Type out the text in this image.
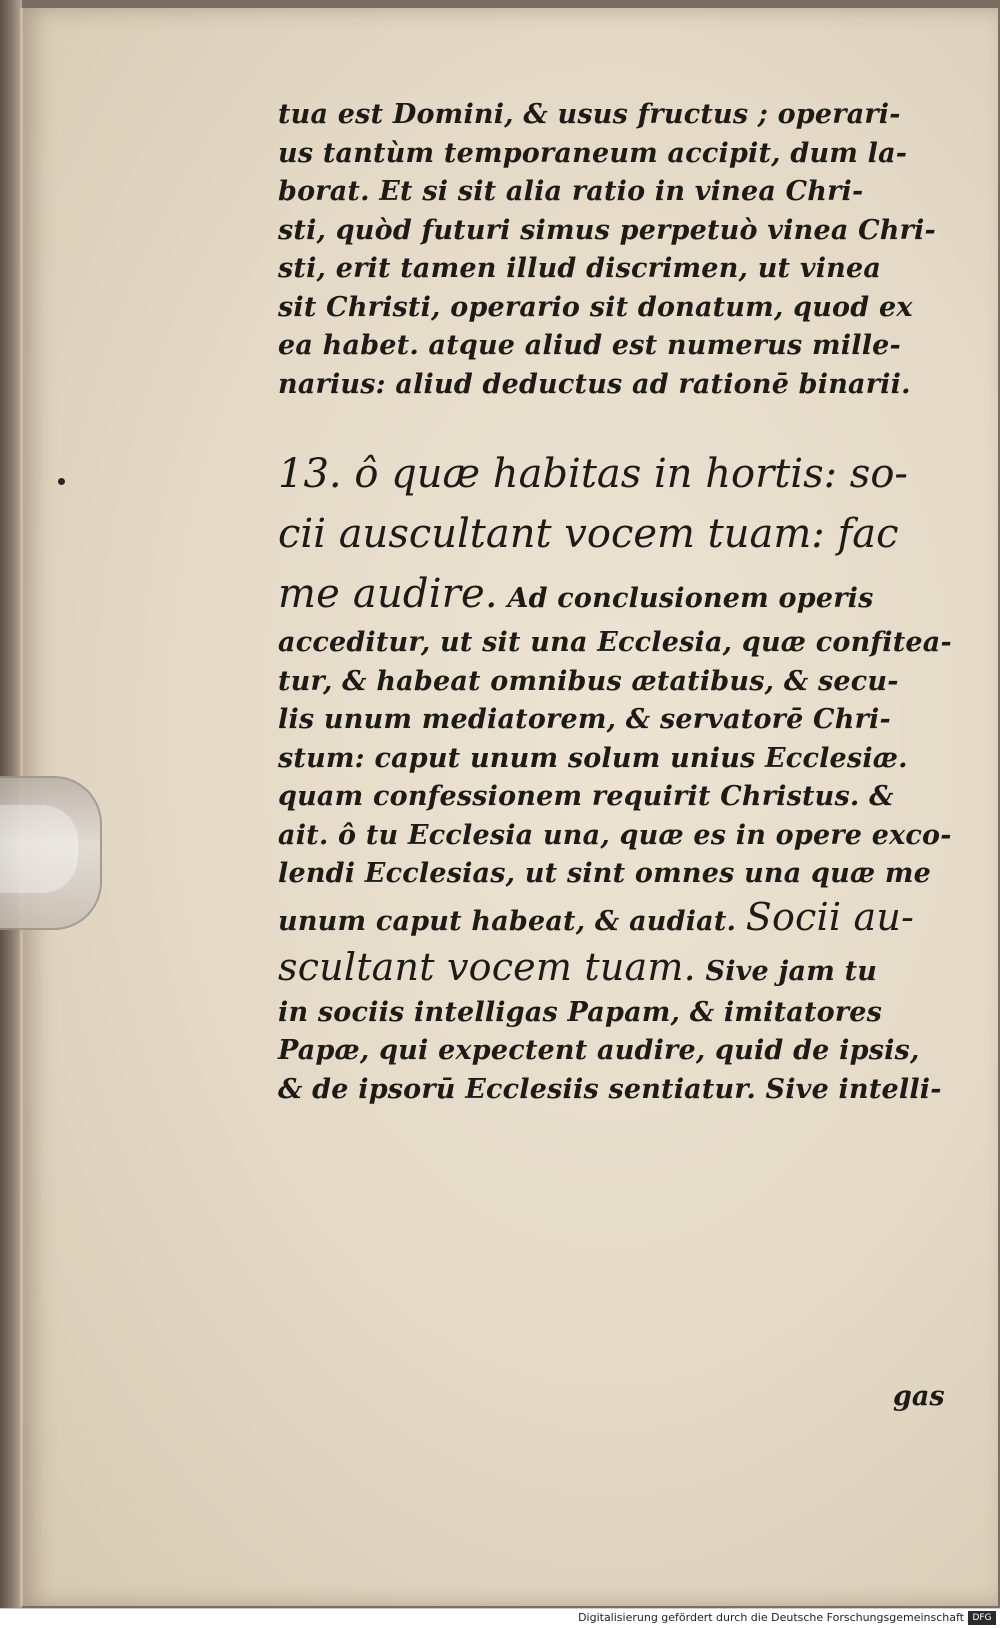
tua est Domini, & usus fructus ; operari-
us tantùm temporaneum accipit, dum la-
borat. Et si sit alia ratio in vinea Chri-
sti, quòd futuri simus perpetuò vinea Chri-
sti, erit tamen illud discrimen, ut vinea
sit Christi, operario sit donatum, quod ex
ea habet. atque aliud est numerus mille-
narius: aliud deductus ad rationē binarii.
13. ô quæ habitas in hortis: so-
cii auscultant vocem tuam: fac
me audire. Ad conclusionem operis
acceditur, ut sit una Ecclesia, quæ confitea-
tur, & habeat omnibus ætatibus, & secu-
lis unum mediatorem, & servatorē Chri-
stum: caput unum solum unius Ecclesiæ.
quam confessionem requirit Christus. &
ait. ô tu Ecclesia una, quæ es in opere exco-
lendi Ecclesias, ut sint omnes una quæ me
unum caput habeat, & audiat. Socii au-
scultant vocem tuam. Sive jam tu
in sociis intelligas Papam, & imitatores
Papæ, qui expectent audire, quid de ipsis,
& de ipsorū Ecclesiis sentiatur. Sive intelli-
gas
Digitalisierung gefördert durch die Deutsche Forschungsgemeinschaft DFG
